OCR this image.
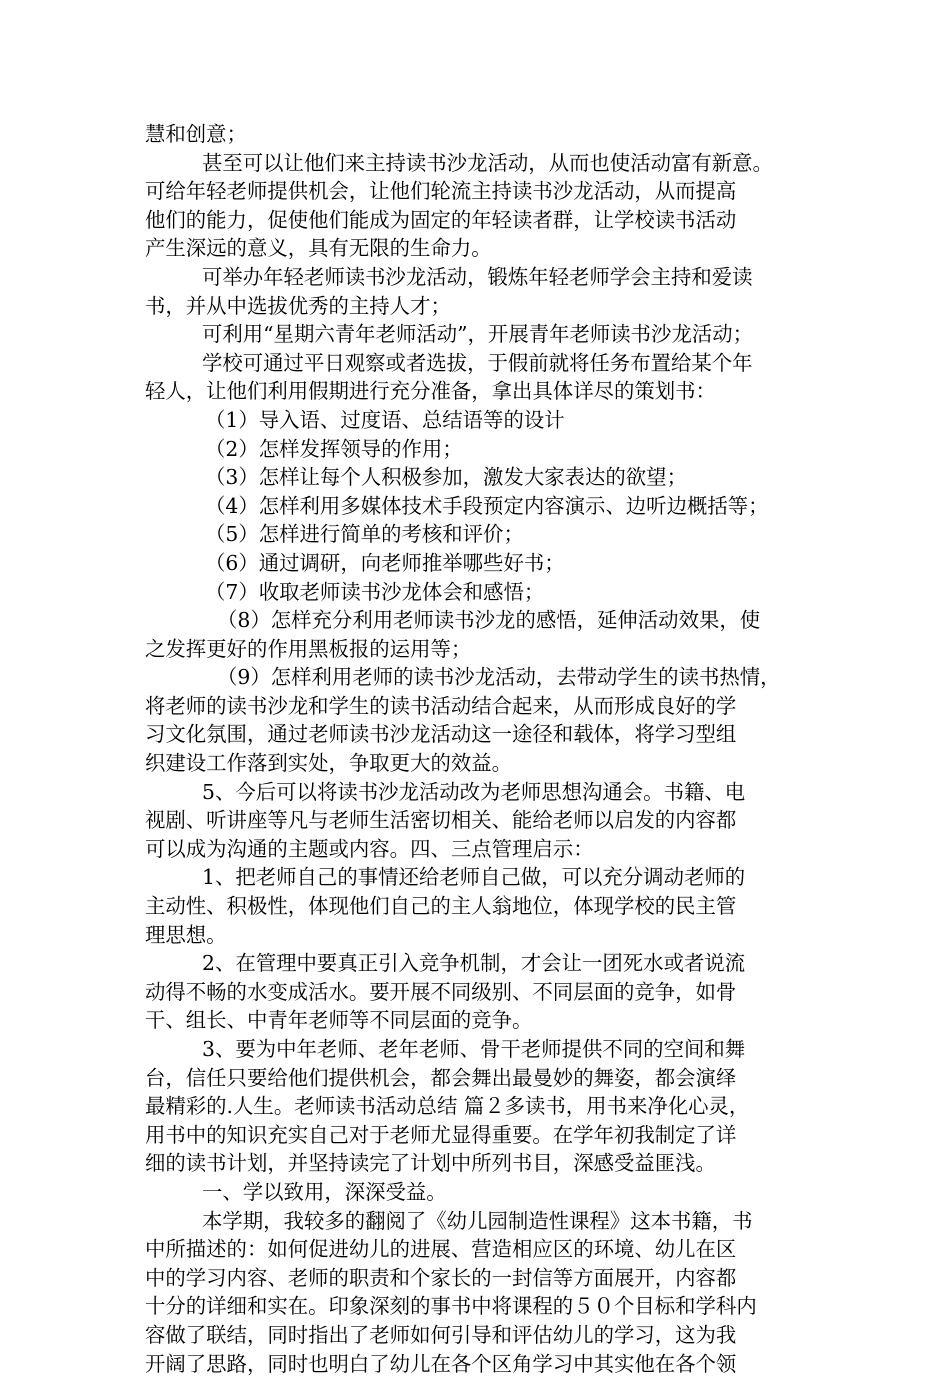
慧和创意；
甚至可以让他们来主持读书沙龙活动，从而也使活动富有新意。
可给年轻老师提供机会，让他们轮流主持读书沙龙活动，从而提高
他们的能力，促使他们能成为固定的年轻读者群，让学校读书活动
产生深远的意义，具有无限的生命力。
可举办年轻老师读书沙龙活动，锻炼年轻老师学会主持和爱读
书，并从中选拔优秀的主持人才；
可利用“星期六青年老师活动”，开展青年老师读书沙龙活动；
学校可通过平日观察或者选拔，于假前就将任务布置给某个年
轻人，让他们利用假期进行充分准备，拿出具体详尽的策划书：
（1）导入语、过度语、总结语等的设计
（2）怎样发挥领导的作用；
（3）怎样让每个人积极参加，激发大家表达的欲望；
（4）怎样利用多媒体技术手段预定内容演示、边听边概括等；
（5）怎样进行简单的考核和评价；
（6）通过调研，向老师推举哪些好书；
（7）收取老师读书沙龙体会和感悟；
（8）怎样充分利用老师读书沙龙的感悟，延伸活动效果，使
之发挥更好的作用黑板报的运用等；
（9）怎样利用老师的读书沙龙活动，去带动学生的读书热情，
将老师的读书沙龙和学生的读书活动结合起来，从而形成良好的学
习文化氛围，通过老师读书沙龙活动这一途径和载体，将学习型组
织建设工作落到实处，争取更大的效益。
5、今后可以将读书沙龙活动改为老师思想沟通会。书籍、电
视剧、听讲座等凡与老师生活密切相关、能给老师以启发的内容都
可以成为沟通的主题或内容。四、三点管理启示：
1、把老师自己的事情还给老师自己做，可以充分调动老师的
主动性、积极性，体现他们自己的主人翁地位，体现学校的民主管
理思想。
2、在管理中要真正引入竞争机制，才会让一团死水或者说流
动得不畅的水变成活水。要开展不同级别、不同层面的竞争，如骨
干、组长、中青年老师等不同层面的竞争。
3、要为中年老师、老年老师、骨干老师提供不同的空间和舞
台，信任只要给他们提供机会，都会舞出最曼妙的舞姿，都会演绎
最精彩的.人生。老师读书活动总结 篇２多读书，用书来净化心灵，
用书中的知识充实自己对于老师尤显得重要。在学年初我制定了详
细的读书计划，并坚持读完了计划中所列书目，深感受益匪浅。
一、学以致用，深深受益。
本学期，我较多的翻阅了《幼儿园制造性课程》这本书籍，书
中所描述的：如何促进幼儿的进展、营造相应区的环境、幼儿在区
中的学习内容、老师的职责和个家长的一封信等方面展开，内容都
十分的详细和实在。印象深刻的事书中将课程的５０个目标和学科内
容做了联结，同时指出了老师如何引导和评估幼儿的学习，这为我
开阔了思路，同时也明白了幼儿在各个区角学习中其实他在各个领
